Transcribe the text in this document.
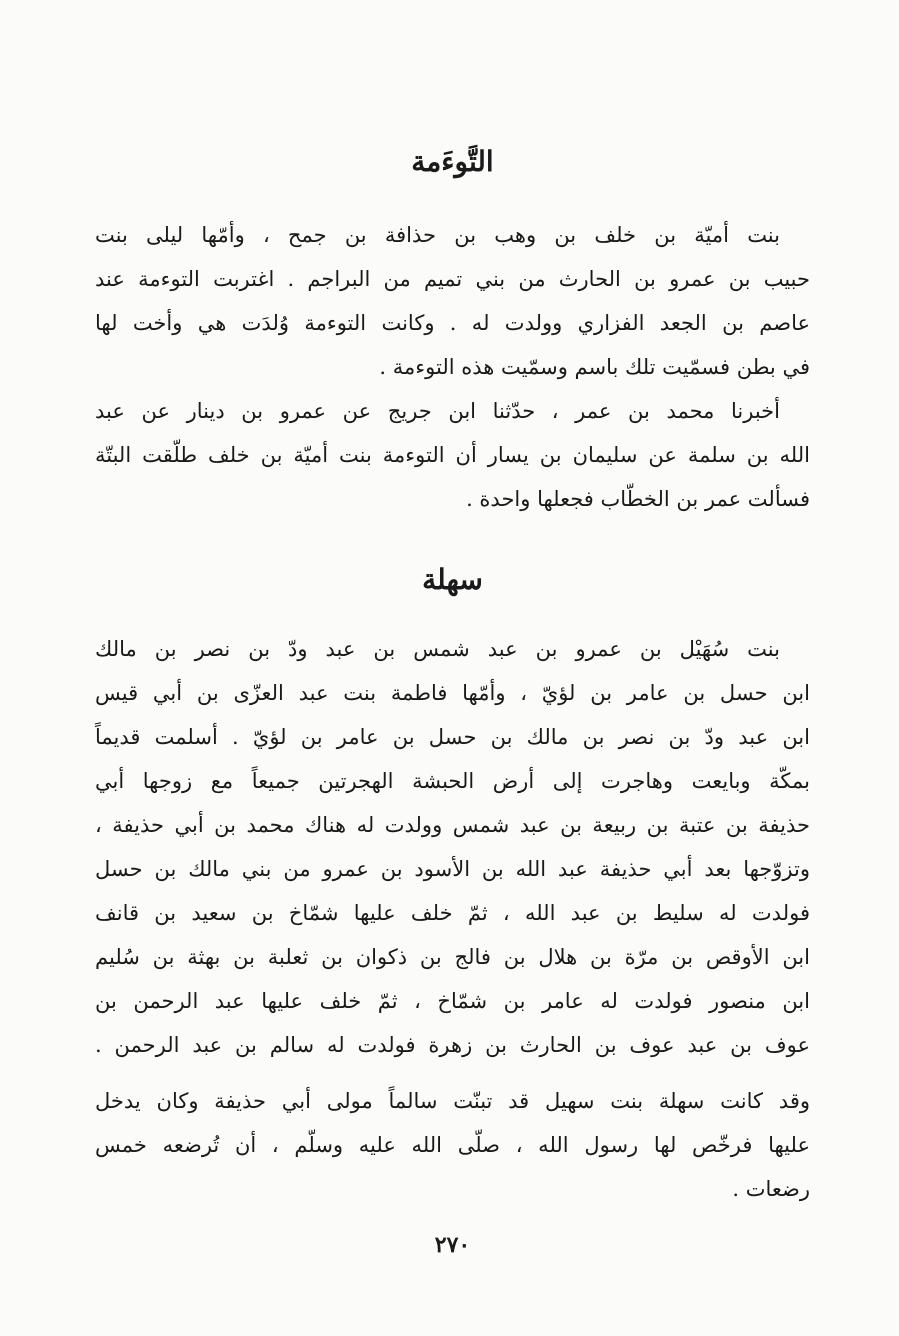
التَّوءَمة
بنت أميّة بن خلف بن وهب بن حذافة بن جمح ، وأمّها ليلى بنت
حبيب بن عمرو بن الحارث من بني تميم من البراجم . اغتربت التوءمة عند
عاصم بن الجعد الفزاري وولدت له . وكانت التوءمة وُلدَت هي وأخت لها
في بطن فسمّيت تلك باسم وسمّيت هذه التوءمة .
أخبرنا محمد بن عمر ، حدّثنا ابن جريج عن عمرو بن دينار عن عبد
الله بن سلمة عن سليمان بن يسار أن التوءمة بنت أميّة بن خلف طلّقت البتّة
فسألت عمر بن الخطّاب فجعلها واحدة .
سهلة
بنت سُهَيْل بن عمرو بن عبد شمس بن عبد ودّ بن نصر بن مالك
ابن حسل بن عامر بن لؤيّ ، وأمّها فاطمة بنت عبد العزّى بن أبي قيس
ابن عبد ودّ بن نصر بن مالك بن حسل بن عامر بن لؤيّ . أسلمت قديماً
بمكّة وبايعت وهاجرت إلى أرض الحبشة الهجرتين جميعاً مع زوجها أبي
حذيفة بن عتبة بن ربيعة بن عبد شمس وولدت له هناك محمد بن أبي حذيفة ،
وتزوّجها بعد أبي حذيفة عبد الله بن الأسود بن عمرو من بني مالك بن حسل
فولدت له سليط بن عبد الله ، ثمّ خلف عليها شمّاخ بن سعيد بن قانف
ابن الأوقص بن مرّة بن هلال بن فالج بن ذكوان بن ثعلبة بن بهثة بن سُليم
ابن منصور فولدت له عامر بن شمّاخ ، ثمّ خلف عليها عبد الرحمن بن
عوف بن عبد عوف بن الحارث بن زهرة فولدت له سالم بن عبد الرحمن .
وقد كانت سهلة بنت سهيل قد تبنّت سالماً مولى أبي حذيفة وكان يدخل
عليها فرخّص لها رسول الله ، صلّى الله عليه وسلّم ، أن تُرضعه خمس
رضعات .
٢٧٠
